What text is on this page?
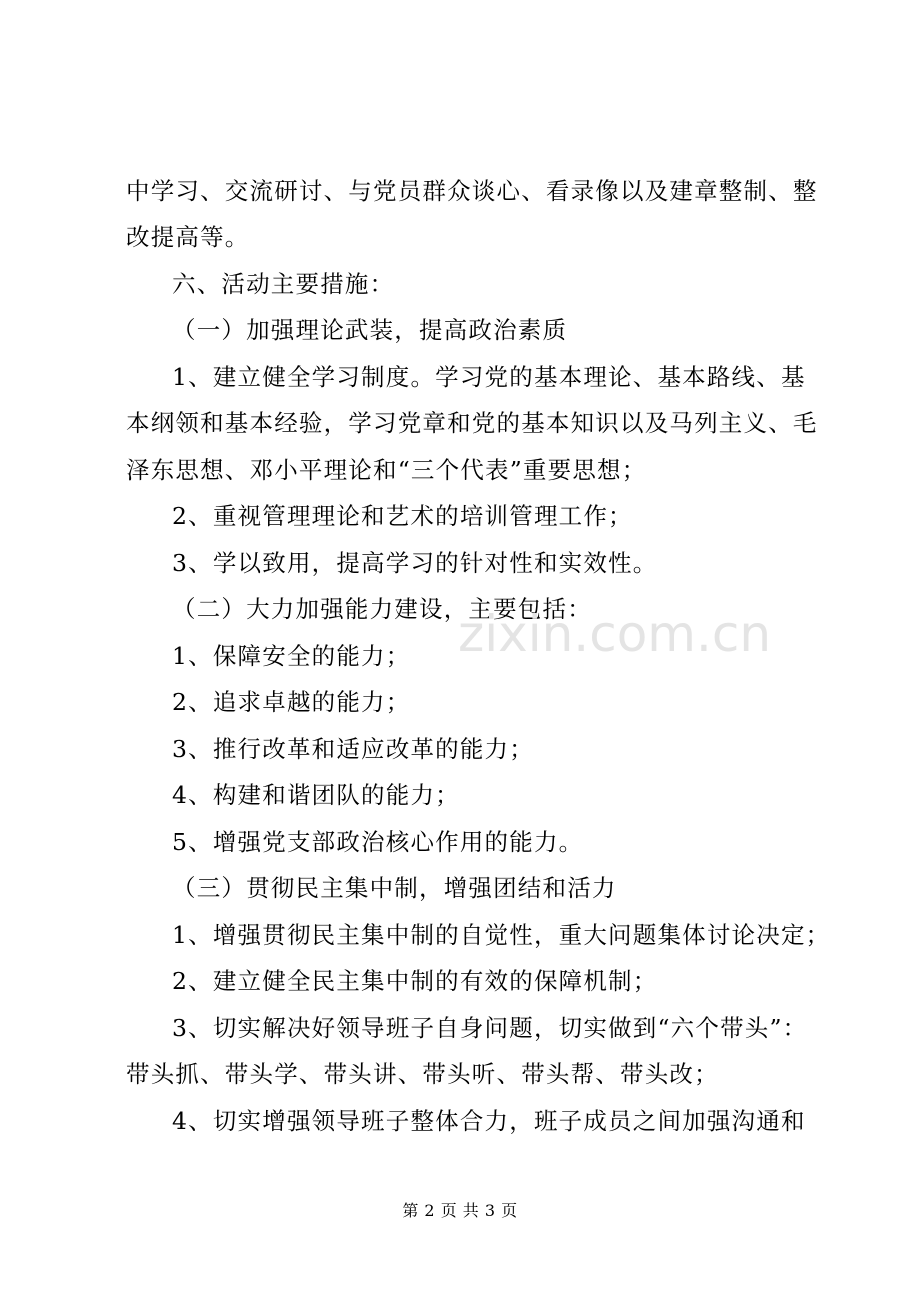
中学习、交流研讨、与党员群众谈心、看录像以及建章整制、整
改提高等。
六、活动主要措施：
（一）加强理论武装，提高政治素质
1、建立健全学习制度。学习党的基本理论、基本路线、基
本纲领和基本经验，学习党章和党的基本知识以及马列主义、毛
泽东思想、邓小平理论和“三个代表”重要思想；
2、重视管理理论和艺术的培训管理工作；
3、学以致用，提高学习的针对性和实效性。
（二）大力加强能力建设，主要包括：
1、保障安全的能力；
2、追求卓越的能力；
3、推行改革和适应改革的能力；
4、构建和谐团队的能力；
5、增强党支部政治核心作用的能力。
（三）贯彻民主集中制，增强团结和活力
1、增强贯彻民主集中制的自觉性，重大问题集体讨论决定；
2、建立健全民主集中制的有效的保障机制；
3、切实解决好领导班子自身问题，切实做到“六个带头”：
带头抓、带头学、带头讲、带头听、带头帮、带头改；
4、切实增强领导班子整体合力，班子成员之间加强沟通和
zixin.com.cn
第 2 页 共 3 页
